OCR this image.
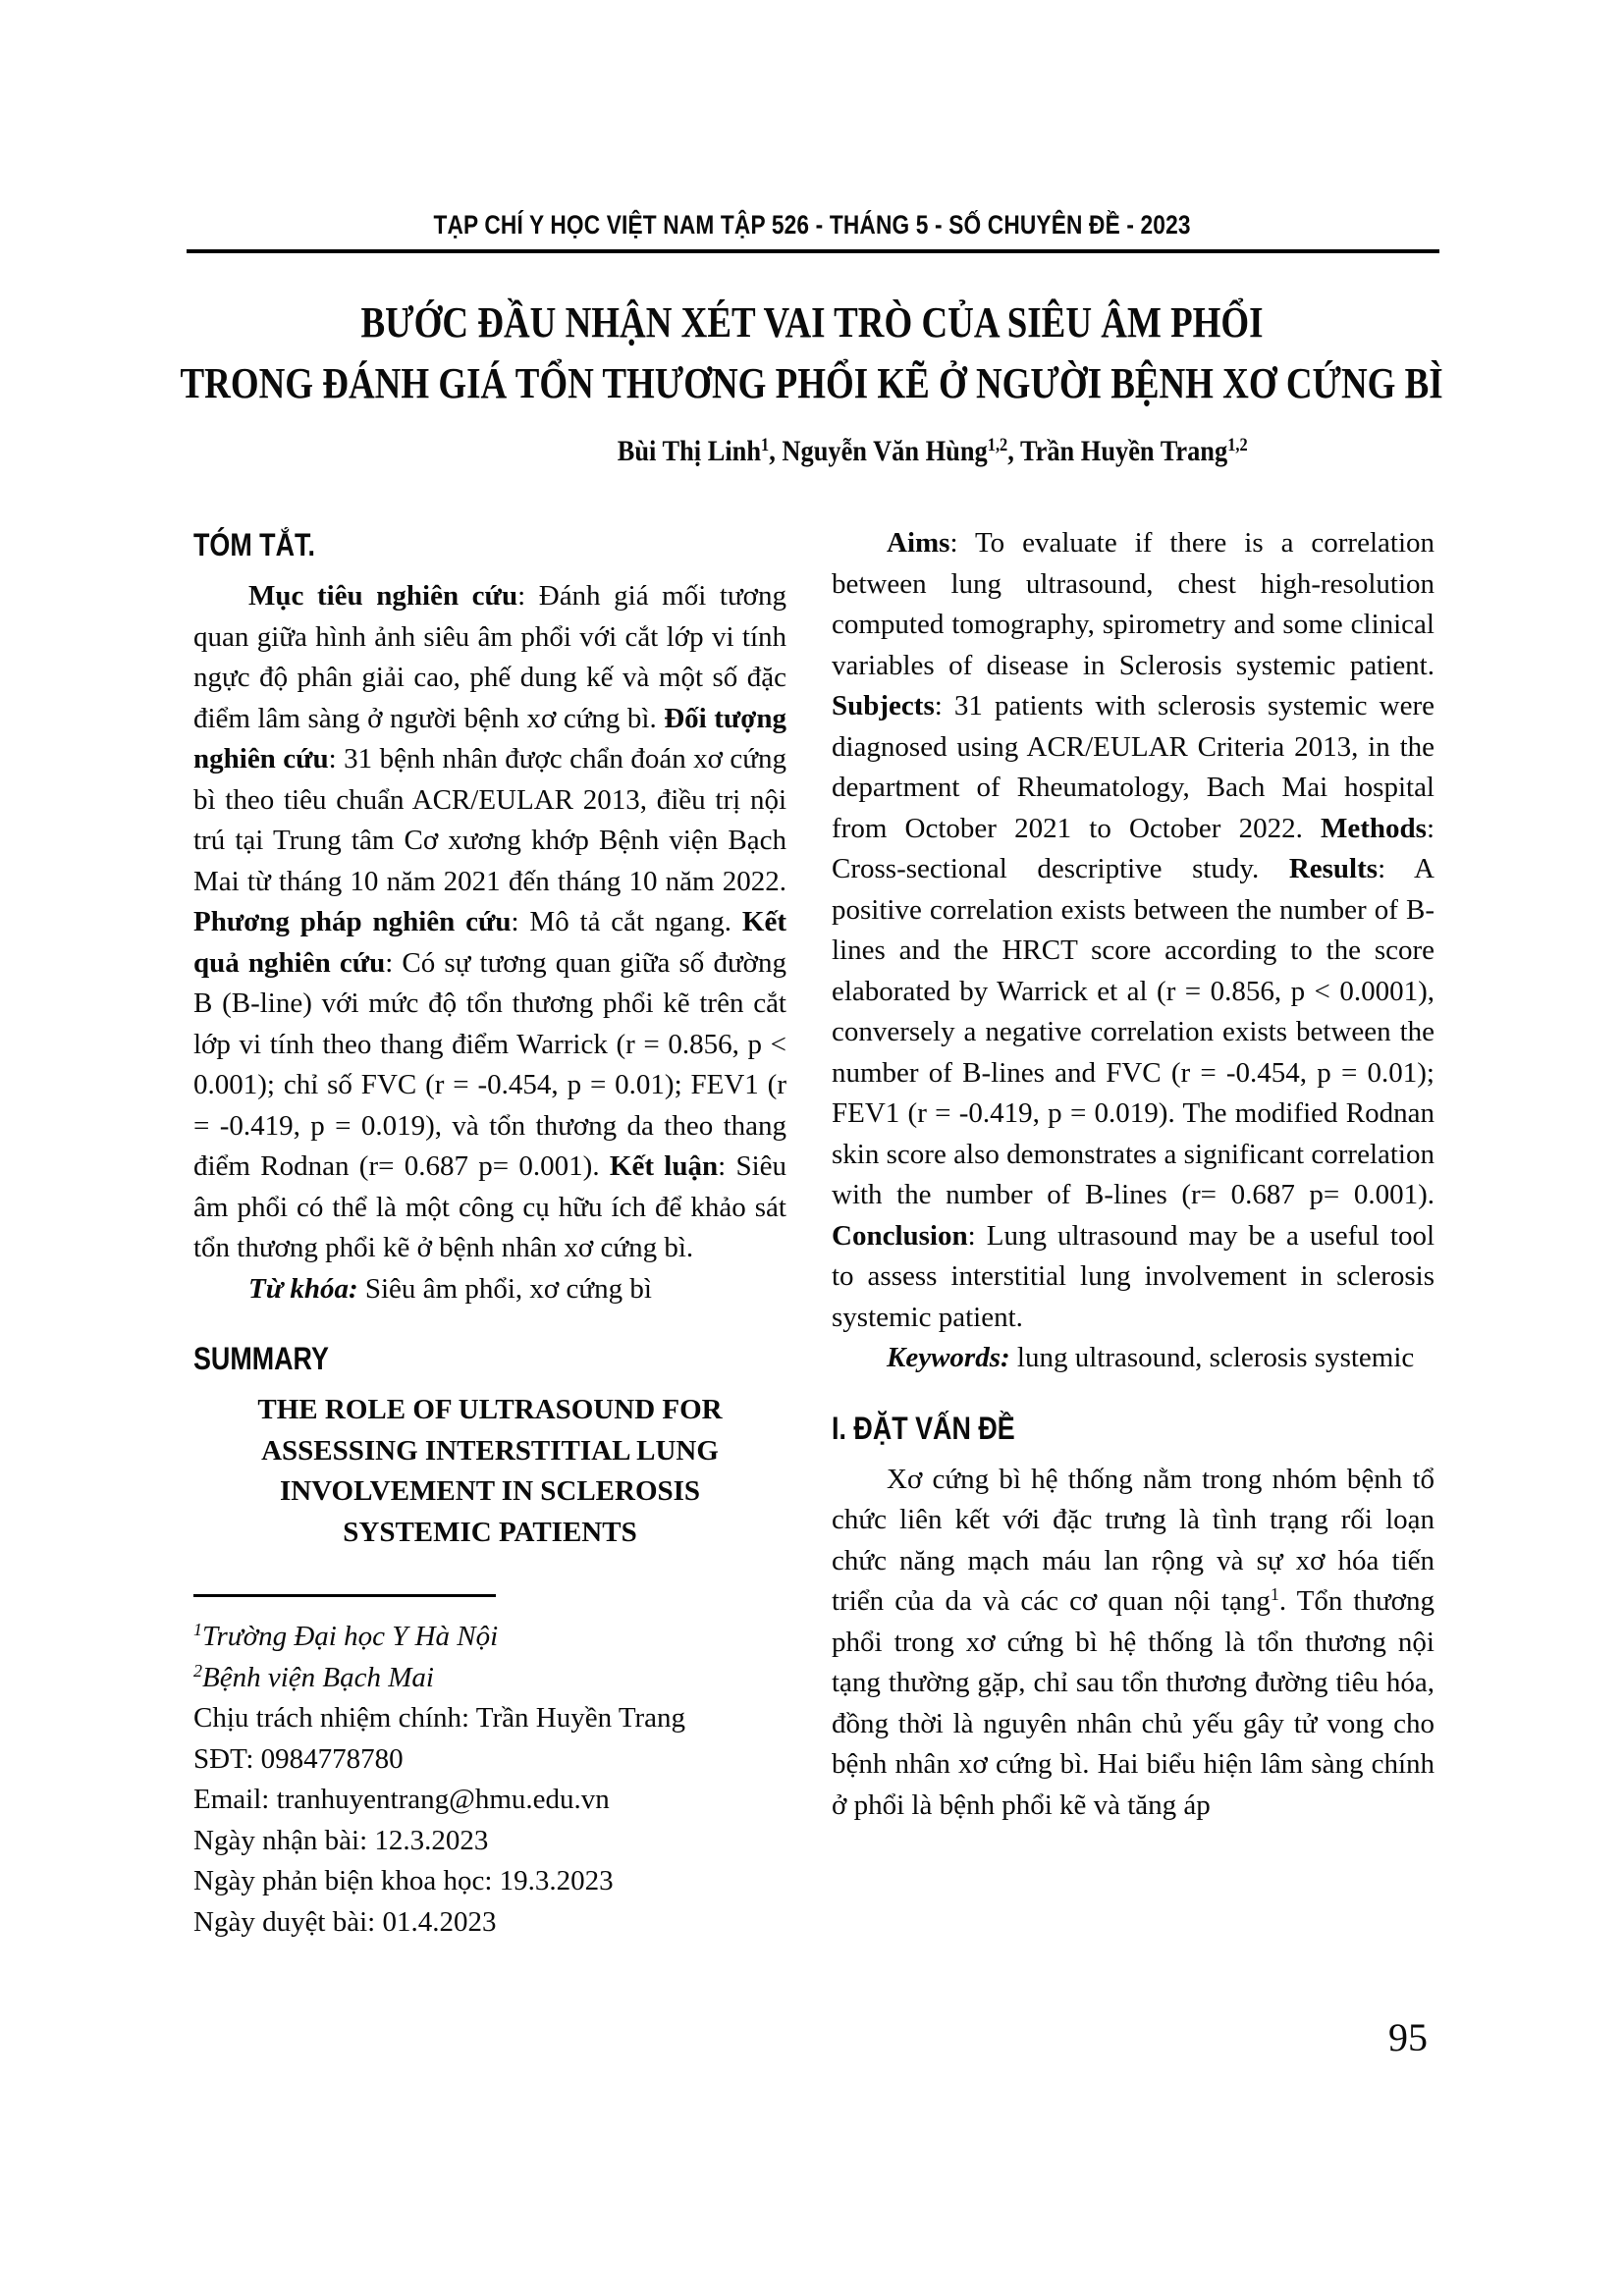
TẠP CHÍ Y HỌC VIỆT NAM TẬP 526 - THÁNG 5 - SỐ CHUYÊN ĐỀ - 2023
BƯỚC ĐẦU NHẬN XÉT VAI TRÒ CỦA SIÊU ÂM PHỔI
TRONG ĐÁNH GIÁ TỔN THƯƠNG PHỔI KẼ Ở NGƯỜI BỆNH XƠ CỨNG BÌ
Bùi Thị Linh$^1$, Nguyễn Văn Hùng$^{1,2}$, Trần Huyền Trang$^{1,2}$
TÓM TẮT.

Mục tiêu nghiên cứu: Đánh giá mối tương quan giữa hình ảnh siêu âm phổi với cắt lớp vi tính ngực độ phân giải cao, phế dung kế và một số đặc điểm lâm sàng ở người bệnh xơ cứng bì. Đối tượng nghiên cứu: 31 bệnh nhân được chẩn đoán xơ cứng bì theo tiêu chuẩn ACR/EULAR 2013, điều trị nội trú tại Trung tâm Cơ xương khớp Bệnh viện Bạch Mai từ tháng 10 năm 2021 đến tháng 10 năm 2022. Phương pháp nghiên cứu: Mô tả cắt ngang. Kết quả nghiên cứu: Có sự tương quan giữa số đường B (B-line) với mức độ tổn thương phổi kẽ trên cắt lớp vi tính theo thang điểm Warrick (r = 0.856, p < 0.001); chỉ số FVC (r = -0.454, p = 0.01); FEV1 (r = -0.419, p = 0.019), và tổn thương da theo thang điểm Rodnan (r= 0.687 p= 0.001). Kết luận: Siêu âm phổi có thể là một công cụ hữu ích để khảo sát tổn thương phổi kẽ ở bệnh nhân xơ cứng bì.

Từ khóa: Siêu âm phổi, xơ cứng bì

SUMMARY
THE ROLE OF ULTRASOUND FOR
ASSESSING INTERSTITIAL LUNG
INVOLVEMENT IN SCLEROSIS
SYSTEMIC PATIENTS

$^1$Trường Đại học Y Hà Nội

$^2$Bệnh viện Bạch Mai

Chịu trách nhiệm chính: Trần Huyền Trang

SĐT: 0984778780

Email: tranhuyentrang@hmu.edu.vn

Ngày nhận bài: 12.3.2023

Ngày phản biện khoa học: 19.3.2023

Ngày duyệt bài: 01.4.2023

Aims: To evaluate if there is a correlation between lung ultrasound, chest high-resolution computed tomography, spirometry and some clinical variables of disease in Sclerosis systemic patient. Subjects: 31 patients with sclerosis systemic were diagnosed using ACR/EULAR Criteria 2013, in the department of Rheumatology, Bach Mai hospital from October 2021 to October 2022. Methods: Cross-sectional descriptive study. Results: A positive correlation exists between the number of B-lines and the HRCT score according to the score elaborated by Warrick et al (r = 0.856, p < 0.0001), conversely a negative correlation exists between the number of B-lines and FVC (r = -0.454, p = 0.01); FEV1 (r = -0.419, p = 0.019). The modified Rodnan skin score also demonstrates a significant correlation with the number of B-lines (r= 0.687 p= 0.001). Conclusion: Lung ultrasound may be a useful tool to assess interstitial lung involvement in sclerosis systemic patient.

Keywords: lung ultrasound, sclerosis systemic

I. ĐẶT VẤN ĐỀ

Xơ cứng bì hệ thống nằm trong nhóm bệnh tổ chức liên kết với đặc trưng là tình trạng rối loạn chức năng mạch máu lan rộng và sự xơ hóa tiến triển của da và các cơ quan nội tạng$^1$. Tổn thương phổi trong xơ cứng bì hệ thống là tổn thương nội tạng thường gặp, chỉ sau tổn thương đường tiêu hóa, đồng thời là nguyên nhân chủ yếu gây tử vong cho bệnh nhân xơ cứng bì. Hai biểu hiện lâm sàng chính ở phổi là bệnh phổi kẽ và tăng áp

95
